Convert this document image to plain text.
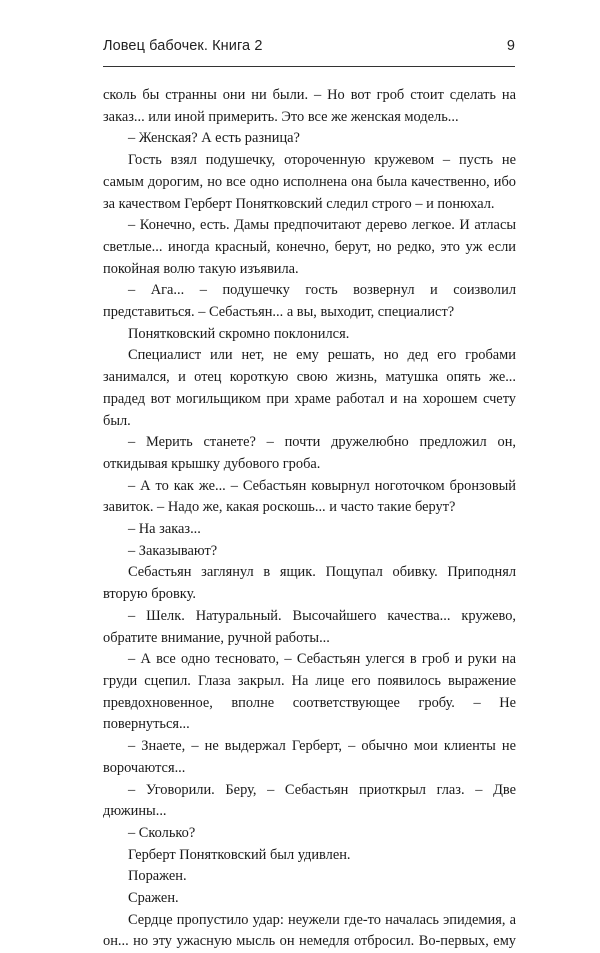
Ловец бабочек. Книга 2	9

сколь бы странны они ни были. – Но вот гроб стоит сделать на заказ... или иной примерить. Это все же женская модель...

– Женская? А есть разница?

Гость взял подушечку, отороченную кружевом – пусть не самым дорогим, но все одно исполнена она была качественно, ибо за качеством Герберт Понятковский следил строго – и понюхал.

– Конечно, есть. Дамы предпочитают дерево легкое. И атласы светлые... иногда красный, конечно, берут, но редко, это уж если покойная волю такую изъявила.

– Ага... – подушечку гость возвернул и соизволил представиться. – Себастьян... а вы, выходит, специалист?

Понятковский скромно поклонился.

Специалист или нет, не ему решать, но дед его гробами занимался, и отец короткую свою жизнь, матушка опять же... прадед вот могильщиком при храме работал и на хорошем счету был.

– Мерить станете? – почти дружелюбно предложил он, откидывая крышку дубового гроба.

– А то как же... – Себастьян ковырнул ноготочком бронзовый завиток. – Надо же, какая роскошь... и часто такие берут?

– На заказ...

– Заказывают?

Себастьян заглянул в ящик. Пощупал обивку. Приподнял вторую бровку.

– Шелк. Натуральный. Высочайшего качества... кружево, обратите внимание, ручной работы...

– А все одно тесновато, – Себастьян улегся в гроб и руки на груди сцепил. Глаза закрыл. На лице его появилось выражение превдохновенное, вполне соответствующее гробу. – Не повернуться...

– Знаете, – не выдержал Герберт, – обычно мои клиенты не ворочаются...

– Уговорили. Беру, – Себастьян приоткрыл глаз. – Две дюжины...

– Сколько?

Герберт Понятковский был удивлен.

Поражен.

Сражен.

Сердце пропустило удар: неужели где-то началась эпидемия, а он... но эту ужасную мысль он немедля отбросил. Во-первых, ему
